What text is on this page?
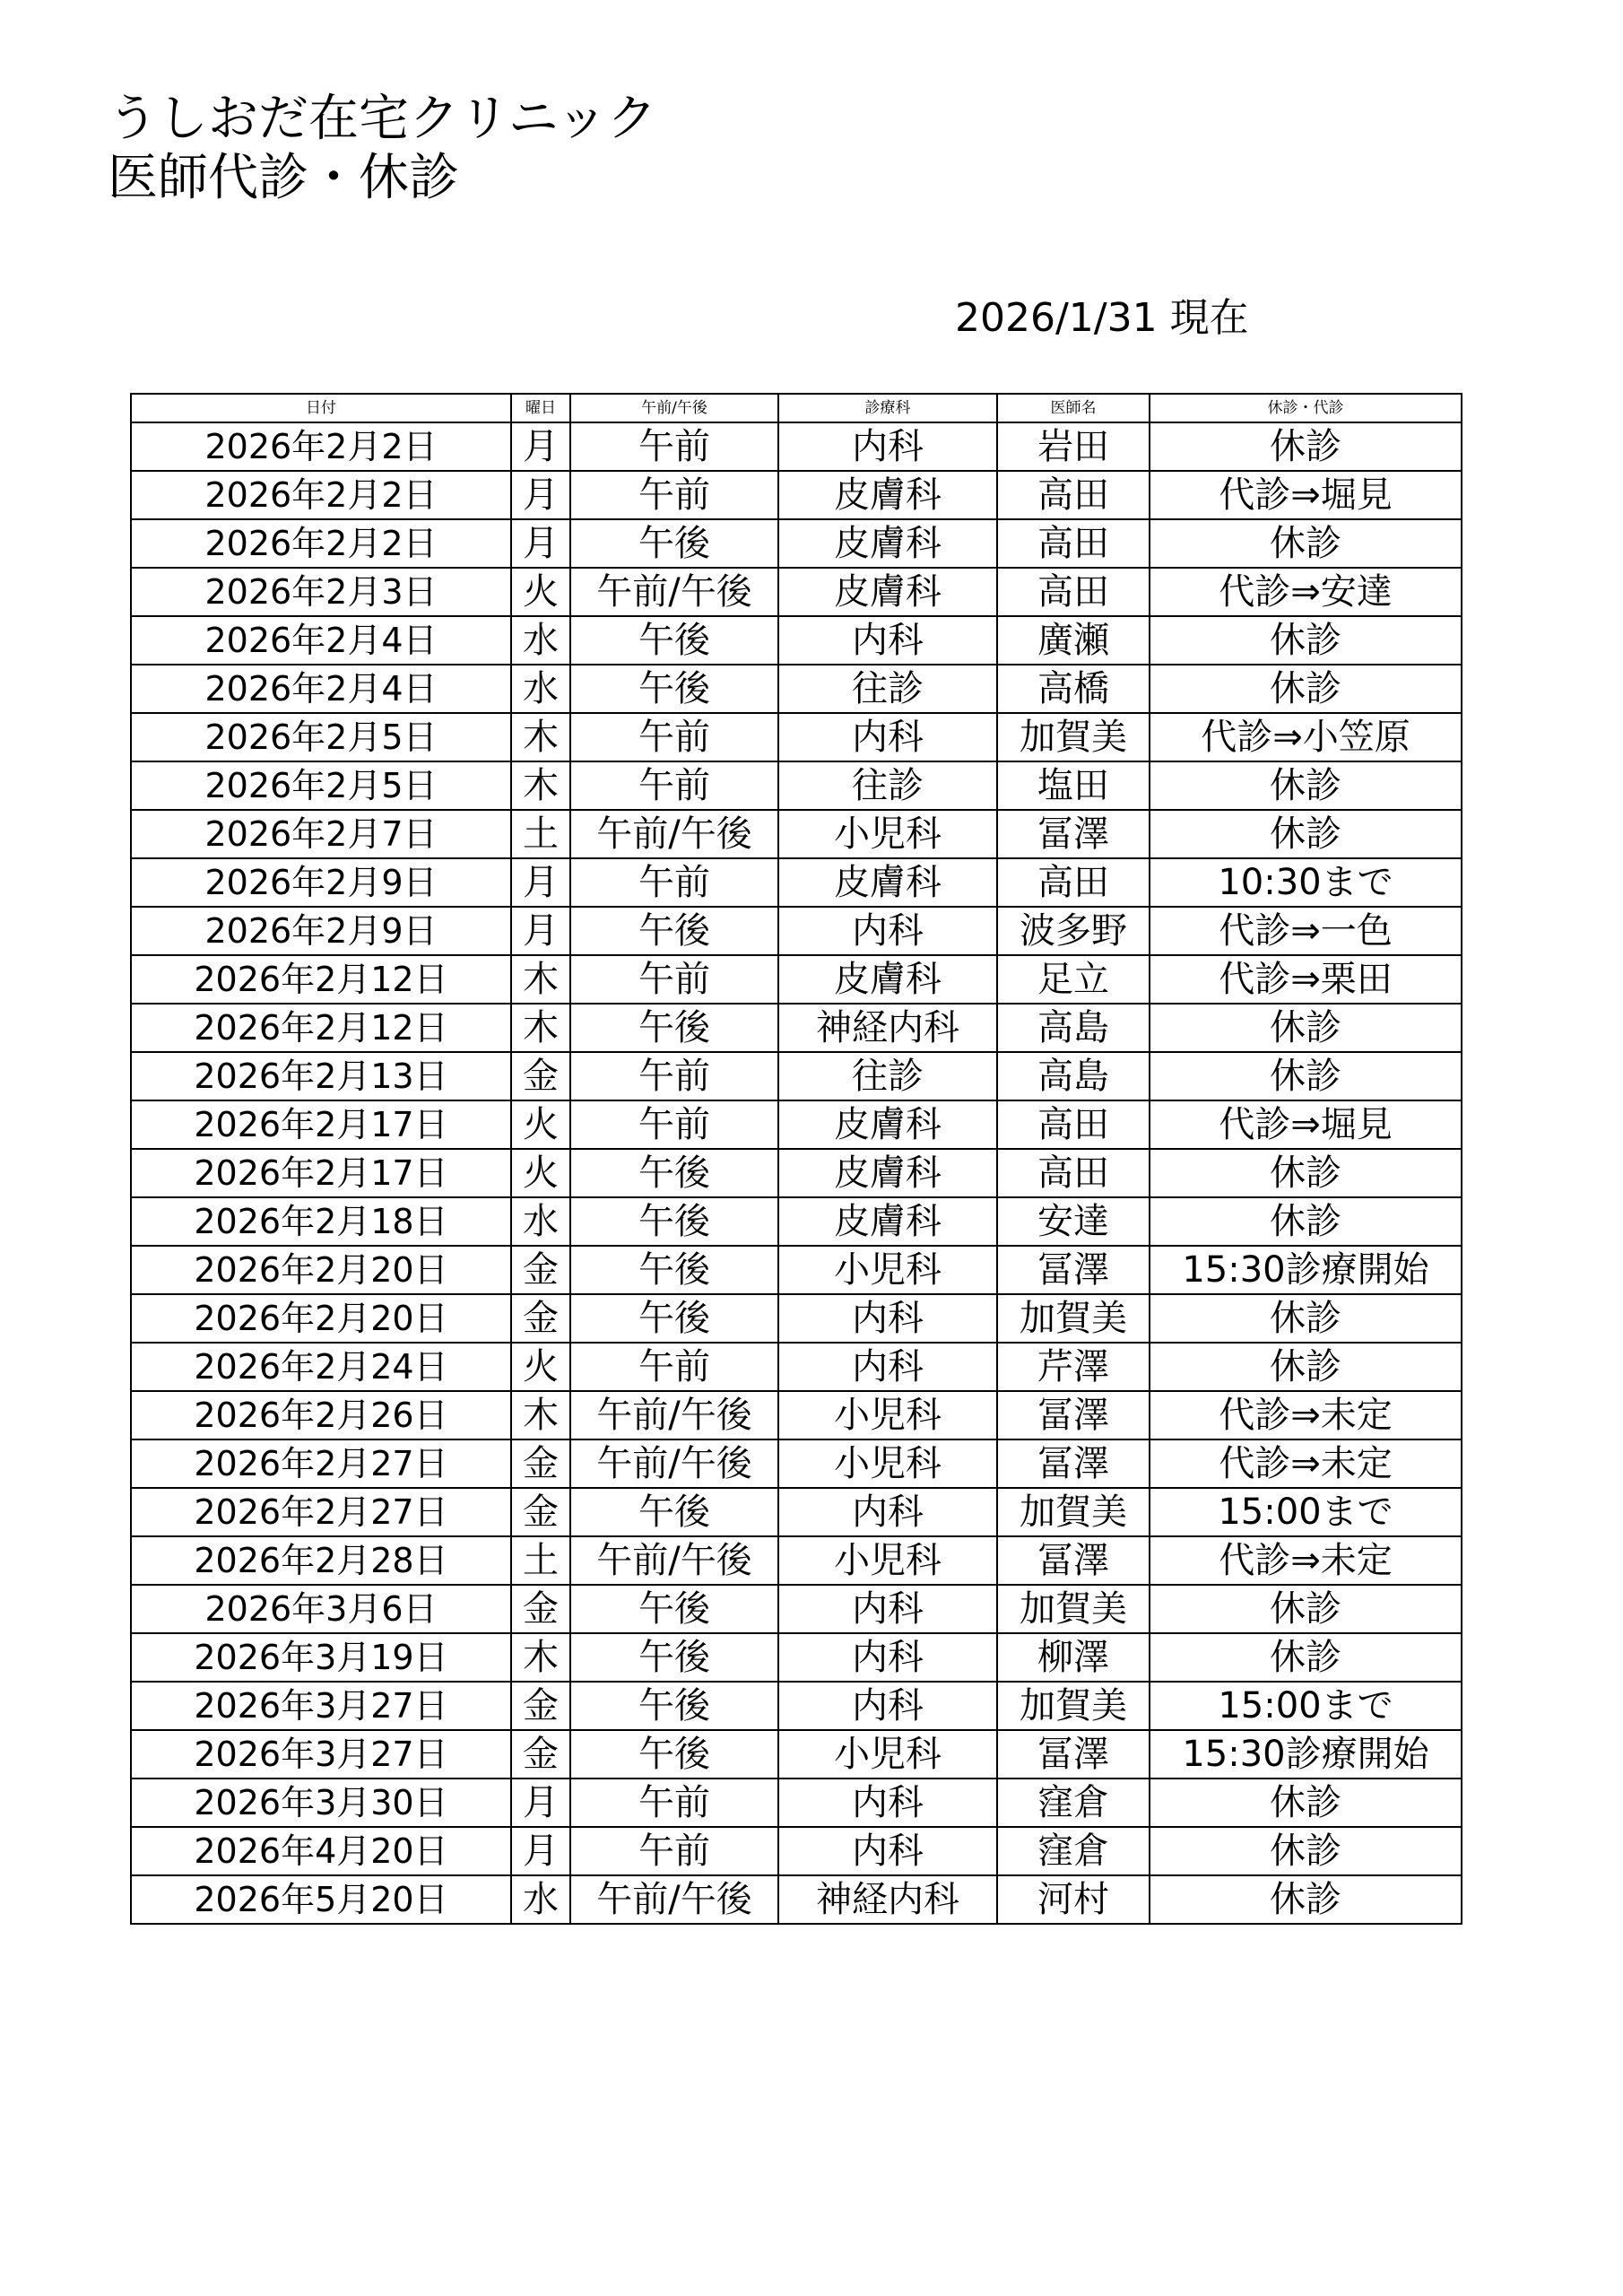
うしおだ在宅クリニック
医師代診・休診
2026/1/31 現在
日付	曜日	午前/午後	診療科	医師名	休診・代診
2026年2月2日	月	午前	内科	岩田	休診
2026年2月2日	月	午前	皮膚科	高田	代診⇒堀見
2026年2月2日	月	午後	皮膚科	高田	休診
2026年2月3日	火	午前/午後	皮膚科	高田	代診⇒安達
2026年2月4日	水	午後	内科	廣瀬	休診
2026年2月4日	水	午後	往診	高橋	休診
2026年2月5日	木	午前	内科	加賀美	代診⇒小笠原
2026年2月5日	木	午前	往診	塩田	休診
2026年2月7日	土	午前/午後	小児科	冨澤	休診
2026年2月9日	月	午前	皮膚科	高田	10:30まで
2026年2月9日	月	午後	内科	波多野	代診⇒一色
2026年2月12日	木	午前	皮膚科	足立	代診⇒栗田
2026年2月12日	木	午後	神経内科	高島	休診
2026年2月13日	金	午前	往診	高島	休診
2026年2月17日	火	午前	皮膚科	高田	代診⇒堀見
2026年2月17日	火	午後	皮膚科	高田	休診
2026年2月18日	水	午後	皮膚科	安達	休診
2026年2月20日	金	午後	小児科	冨澤	15:30診療開始
2026年2月20日	金	午後	内科	加賀美	休診
2026年2月24日	火	午前	内科	芹澤	休診
2026年2月26日	木	午前/午後	小児科	冨澤	代診⇒未定
2026年2月27日	金	午前/午後	小児科	冨澤	代診⇒未定
2026年2月27日	金	午後	内科	加賀美	15:00まで
2026年2月28日	土	午前/午後	小児科	冨澤	代診⇒未定
2026年3月6日	金	午後	内科	加賀美	休診
2026年3月19日	木	午後	内科	柳澤	休診
2026年3月27日	金	午後	内科	加賀美	15:00まで
2026年3月27日	金	午後	小児科	冨澤	15:30診療開始
2026年3月30日	月	午前	内科	窪倉	休診
2026年4月20日	月	午前	内科	窪倉	休診
2026年5月20日	水	午前/午後	神経内科	河村	休診
